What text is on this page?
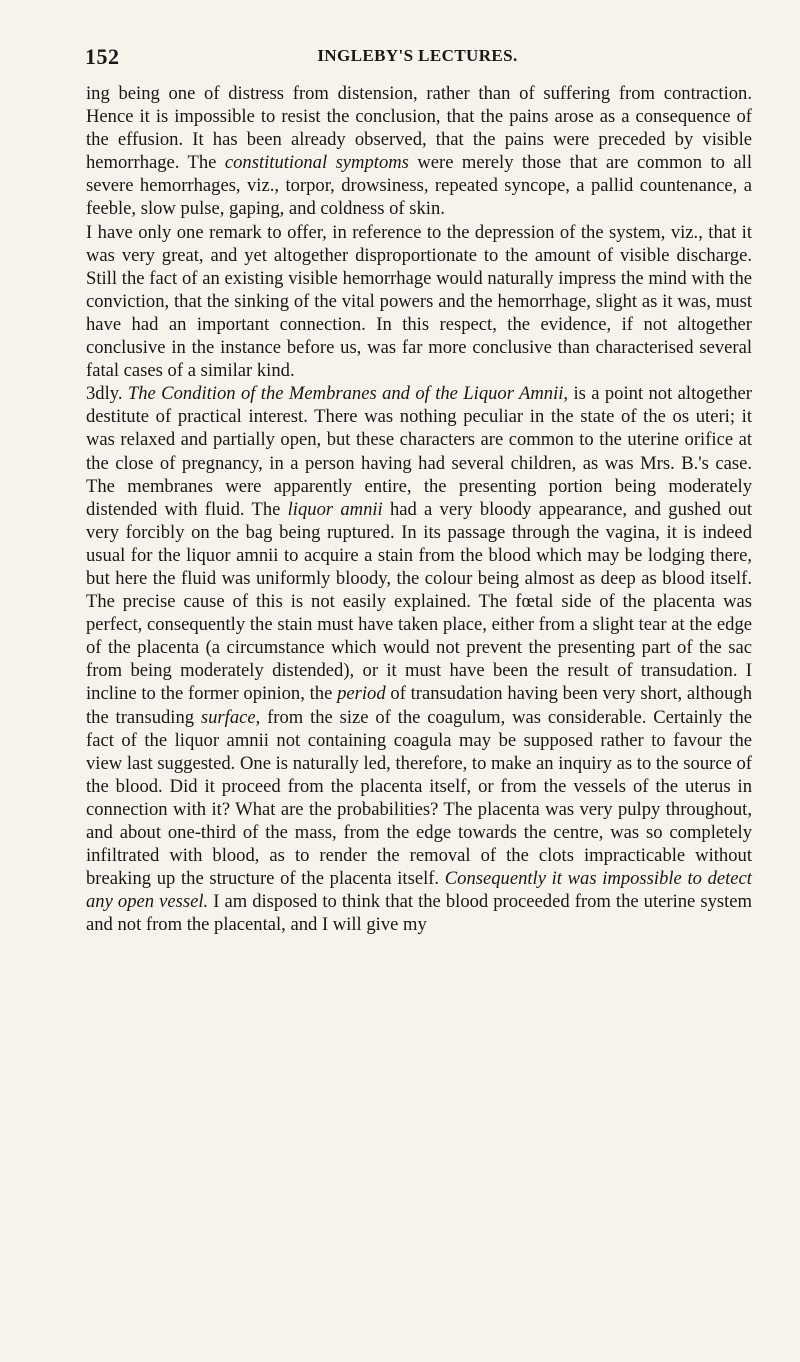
152	INGLEBY'S LECTURES.

ing being one of distress from distension, rather than of suffering from contraction. Hence it is impossible to resist the conclusion, that the pains arose as a consequence of the effusion. It has been already observed, that the pains were preceded by visible hemorrhage. The constitutional symptoms were merely those that are common to all severe hemorrhages, viz., torpor, drowsiness, repeated syncope, a pallid countenance, a feeble, slow pulse, gaping, and coldness of skin.

I have only one remark to offer, in reference to the depression of the system, viz., that it was very great, and yet altogether disproportionate to the amount of visible discharge. Still the fact of an existing visible hemorrhage would naturally impress the mind with the conviction, that the sinking of the vital powers and the hemorrhage, slight as it was, must have had an important connection. In this respect, the evidence, if not altogether conclusive in the instance before us, was far more conclusive than characterised several fatal cases of a similar kind.

3dly. The Condition of the Membranes and of the Liquor Amnii, is a point not altogether destitute of practical interest. There was nothing peculiar in the state of the os uteri; it was relaxed and partially open, but these characters are common to the uterine orifice at the close of pregnancy, in a person having had several children, as was Mrs. B.'s case. The membranes were apparently entire, the presenting portion being moderately distended with fluid. The liquor amnii had a very bloody appearance, and gushed out very forcibly on the bag being ruptured. In its passage through the vagina, it is indeed usual for the liquor amnii to acquire a stain from the blood which may be lodging there, but here the fluid was uniformly bloody, the colour being almost as deep as blood itself. The precise cause of this is not easily explained. The fœtal side of the placenta was perfect, consequently the stain must have taken place, either from a slight tear at the edge of the placenta (a circumstance which would not prevent the presenting part of the sac from being moderately distended), or it must have been the result of transudation. I incline to the former opinion, the period of transudation having been very short, although the transuding surface, from the size of the coagulum, was considerable. Certainly the fact of the liquor amnii not containing coagula may be supposed rather to favour the view last suggested. One is naturally led, therefore, to make an inquiry as to the source of the blood. Did it proceed from the placenta itself, or from the vessels of the uterus in connection with it? What are the probabilities? The placenta was very pulpy throughout, and about one-third of the mass, from the edge towards the centre, was so completely infiltrated with blood, as to render the removal of the clots impracticable without breaking up the structure of the placenta itself. Consequently it was impossible to detect any open vessel. I am disposed to think that the blood proceeded from the uterine system and not from the placental, and I will give my
